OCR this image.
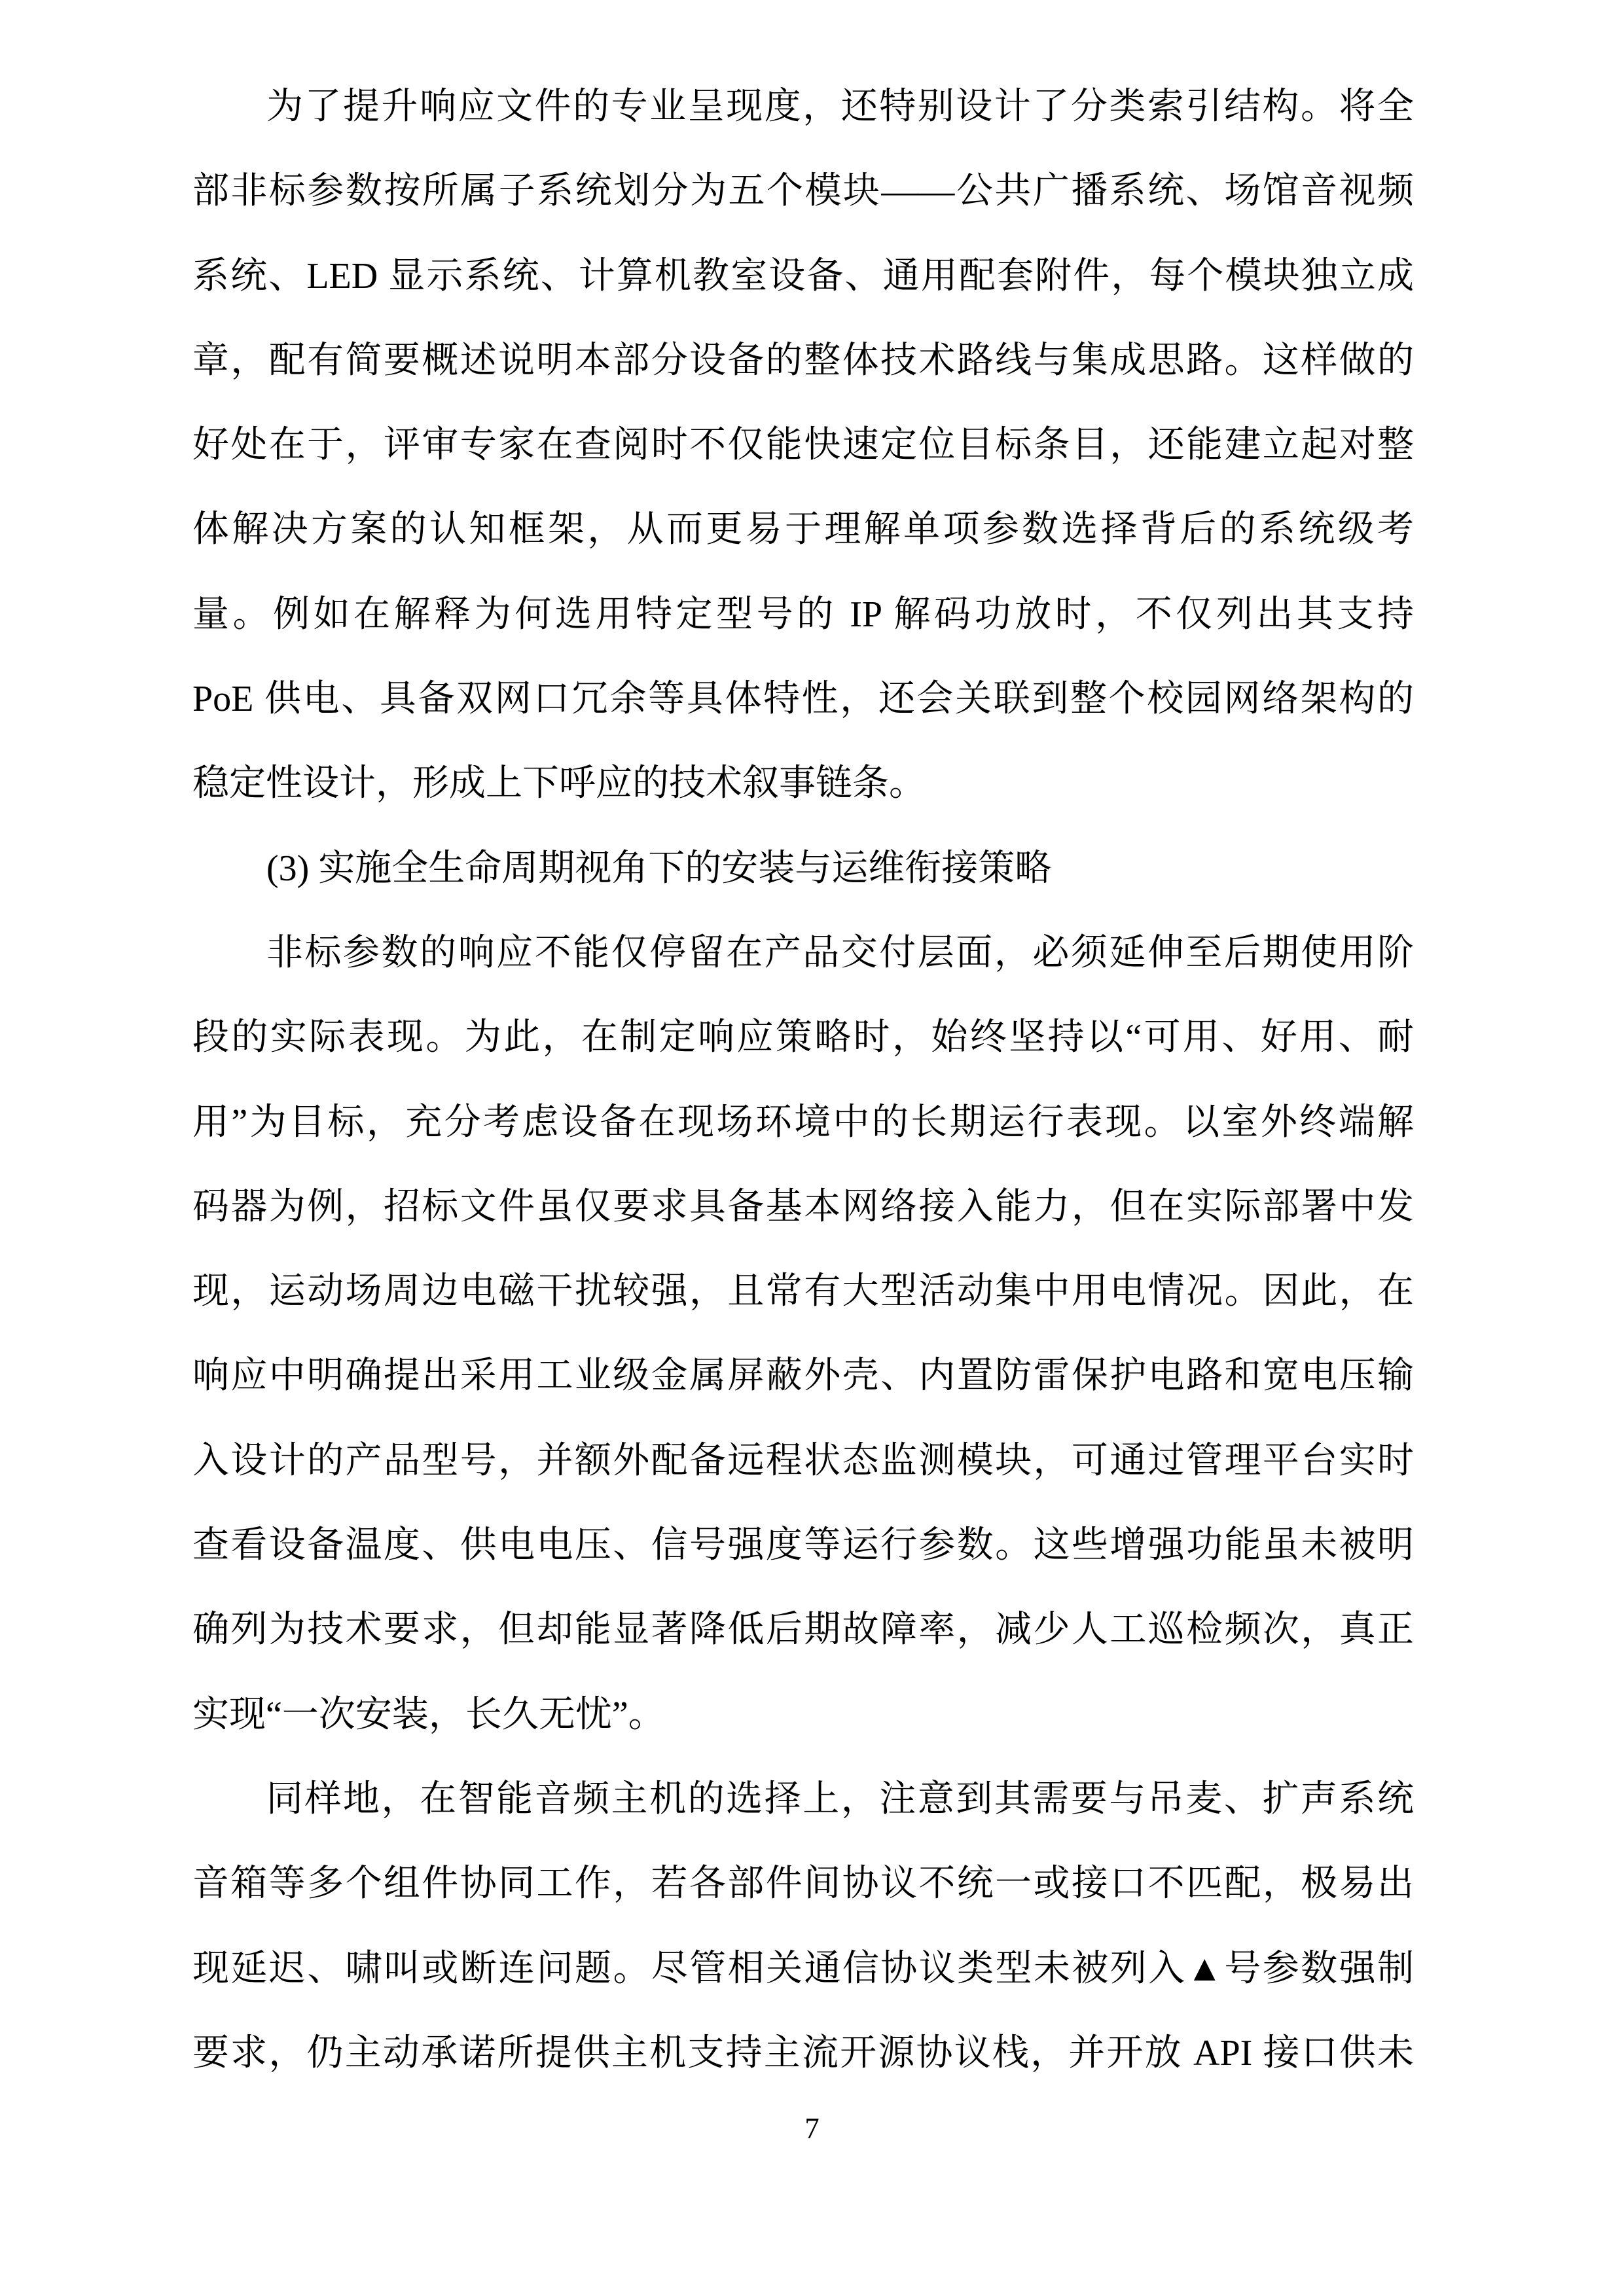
为了提升响应文件的专业呈现度，还特别设计了分类索引结构。将全
部非标参数按所属子系统划分为五个模块——公共广播系统、场馆音视频
系统、LED 显示系统、计算机教室设备、通用配套附件，每个模块独立成
章，配有简要概述说明本部分设备的整体技术路线与集成思路。这样做的
好处在于，评审专家在查阅时不仅能快速定位目标条目，还能建立起对整
体解决方案的认知框架，从而更易于理解单项参数选择背后的系统级考
量。例如在解释为何选用特定型号的 IP 解码功放时，不仅列出其支持
PoE 供电、具备双网口冗余等具体特性，还会关联到整个校园网络架构的
稳定性设计，形成上下呼应的技术叙事链条。
(3) 实施全生命周期视角下的安装与运维衔接策略
非标参数的响应不能仅停留在产品交付层面，必须延伸至后期使用阶
段的实际表现。为此，在制定响应策略时，始终坚持以“可用、好用、耐
用”为目标，充分考虑设备在现场环境中的长期运行表现。以室外终端解
码器为例，招标文件虽仅要求具备基本网络接入能力，但在实际部署中发
现，运动场周边电磁干扰较强，且常有大型活动集中用电情况。因此，在
响应中明确提出采用工业级金属屏蔽外壳、内置防雷保护电路和宽电压输
入设计的产品型号，并额外配备远程状态监测模块，可通过管理平台实时
查看设备温度、供电电压、信号强度等运行参数。这些增强功能虽未被明
确列为技术要求，但却能显著降低后期故障率，减少人工巡检频次，真正
实现“一次安装，长久无忧”。
同样地，在智能音频主机的选择上，注意到其需要与吊麦、扩声系统
音箱等多个组件协同工作，若各部件间协议不统一或接口不匹配，极易出
现延迟、啸叫或断连问题。尽管相关通信协议类型未被列入▲号参数强制
要求，仍主动承诺所提供主机支持主流开源协议栈，并开放 API 接口供未
7
